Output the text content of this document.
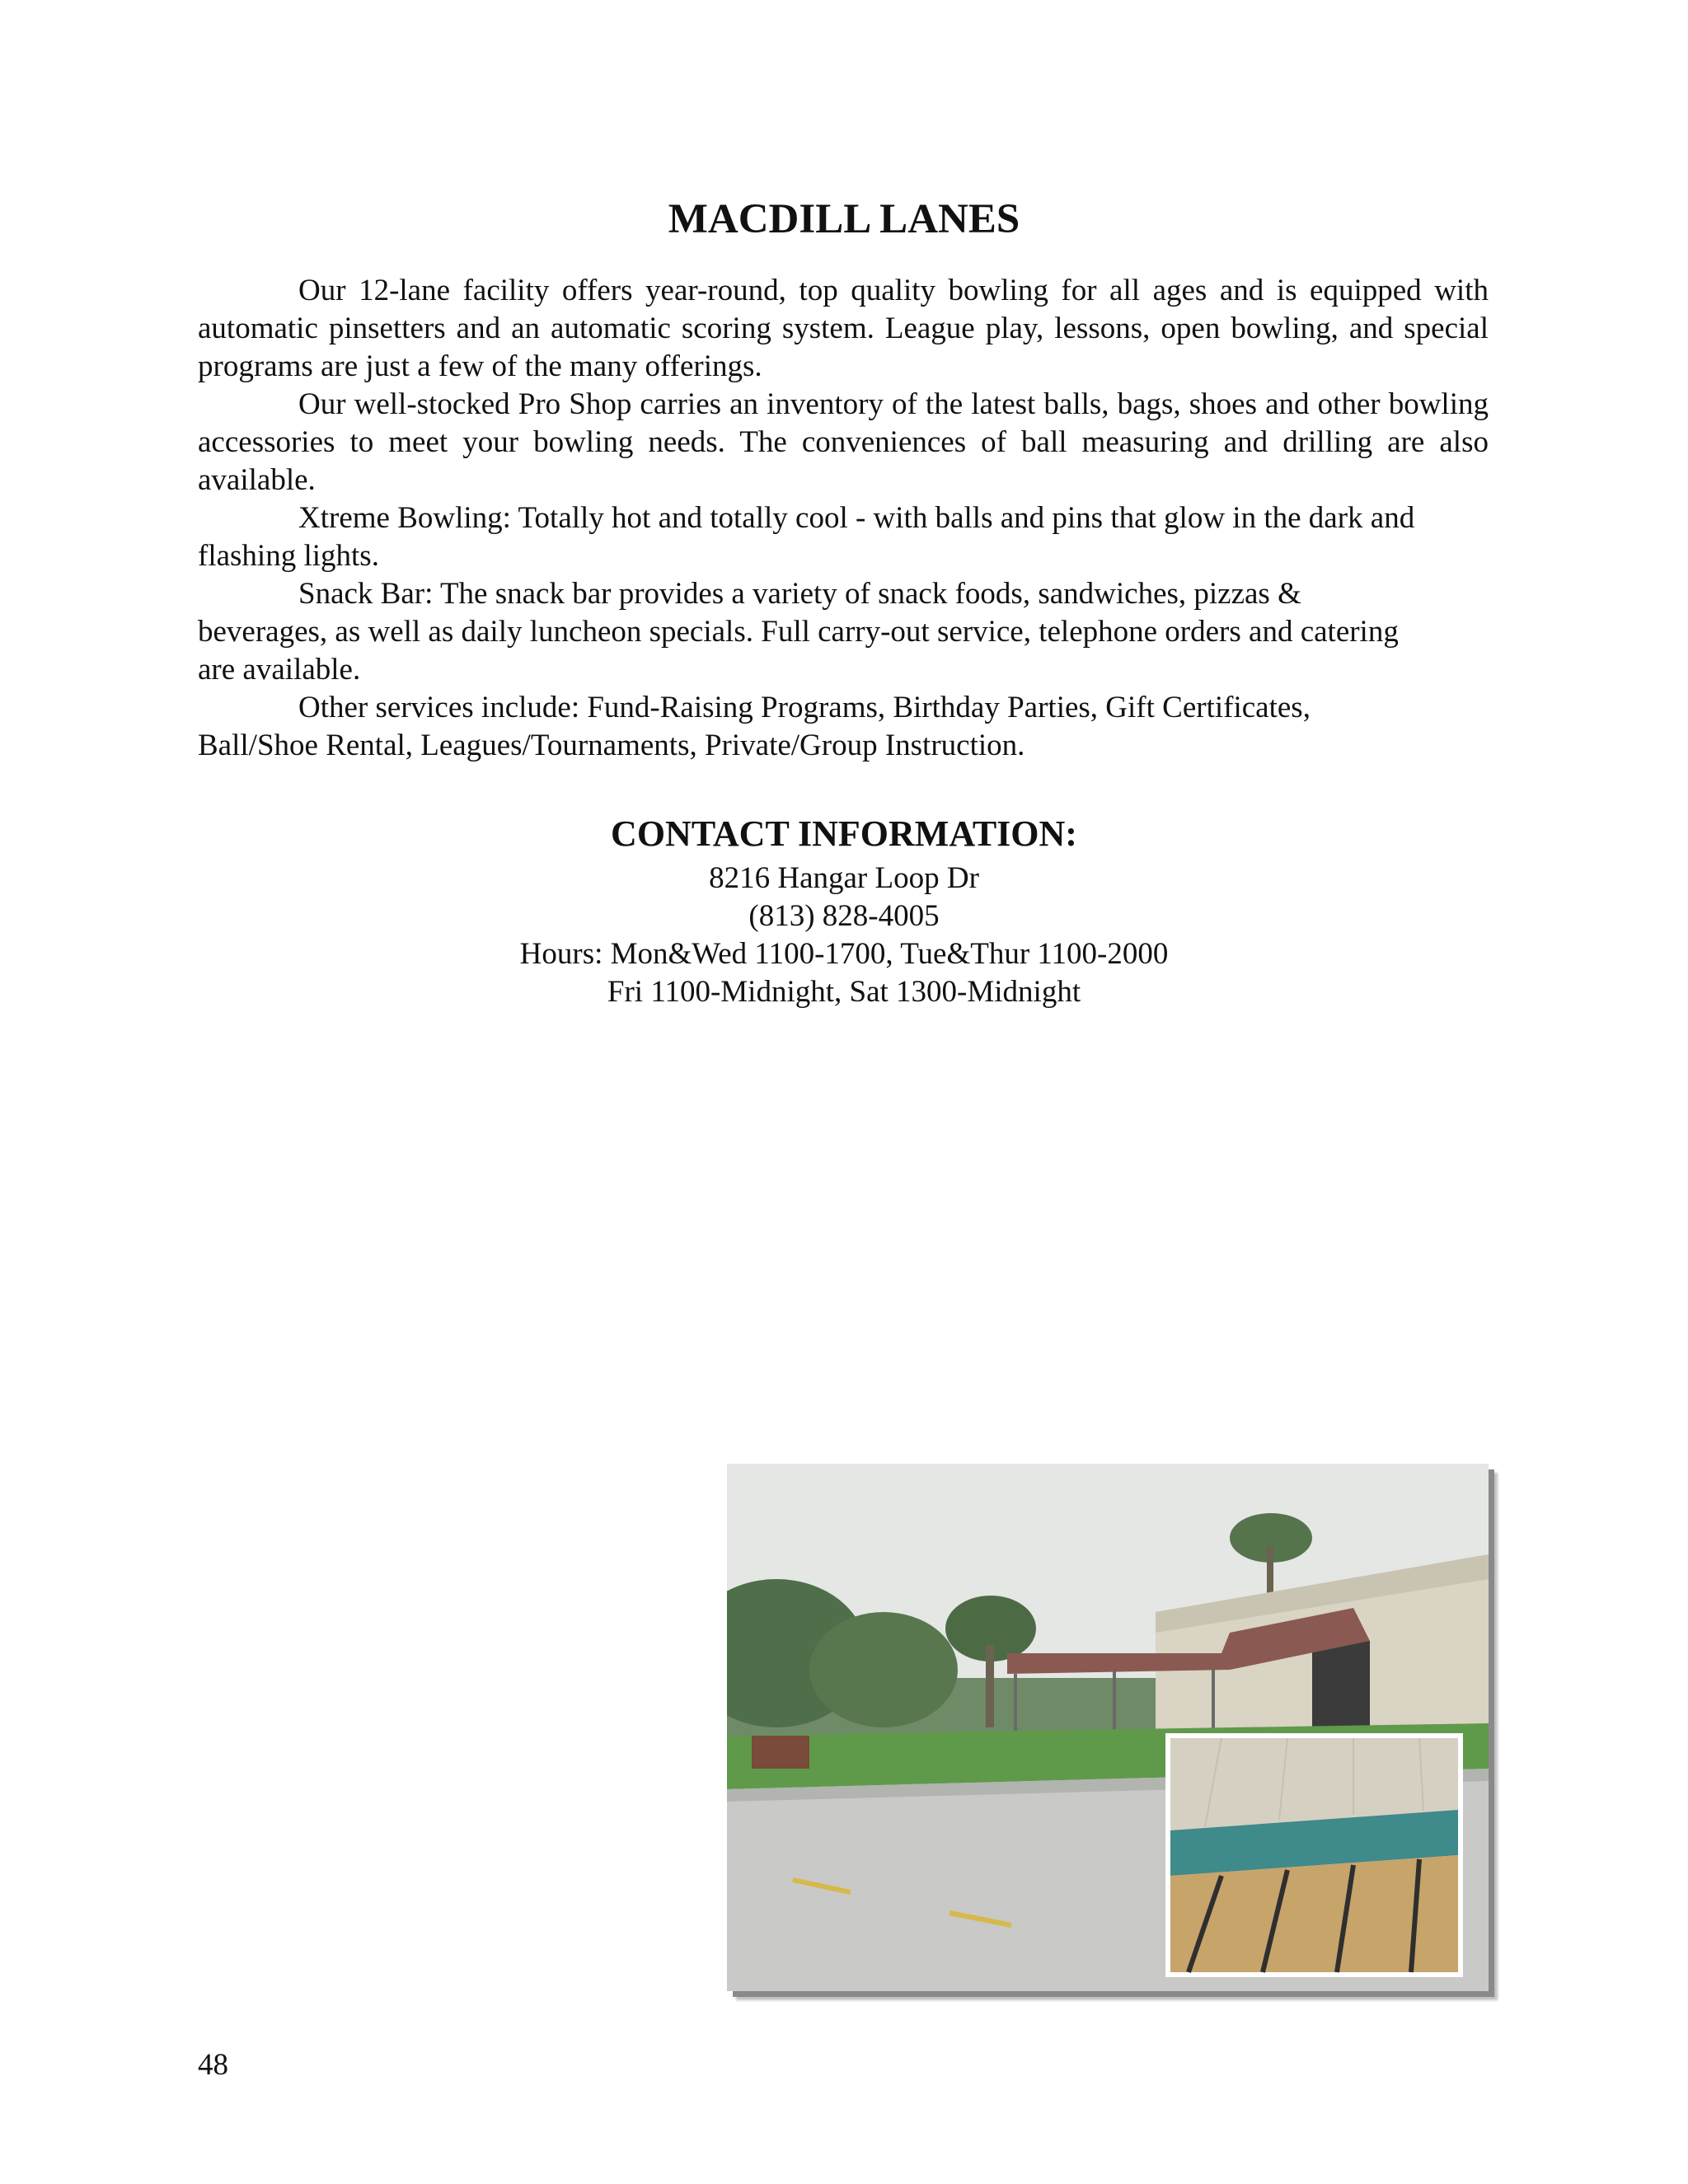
MACDILL LANES

Our 12-lane facility offers year-round, top quality bowling for all ages and is equipped with automatic pinsetters and an automatic scoring system. League play, lessons, open bowling, and special programs are just a few of the many offerings.

Our well-stocked Pro Shop carries an inventory of the latest balls, bags, shoes and other bowling accessories to meet your bowling needs. The conveniences of ball measuring and drilling are also available.

Xtreme Bowling: Totally hot and totally cool - with balls and pins that glow in the dark and flashing lights.

Snack Bar: The snack bar provides a variety of snack foods, sandwiches, pizzas & beverages, as well as daily luncheon specials. Full carry-out service, telephone orders and catering are available.

Other services include: Fund-Raising Programs, Birthday Parties, Gift Certificates, Ball/Shoe Rental, Leagues/Tournaments, Private/Group Instruction.

CONTACT INFORMATION:
8216 Hangar Loop Dr
(813) 828-4005
Hours: Mon&Wed 1100-1700, Tue&Thur 1100-2000
Fri 1100-Midnight, Sat 1300-Midnight
48
